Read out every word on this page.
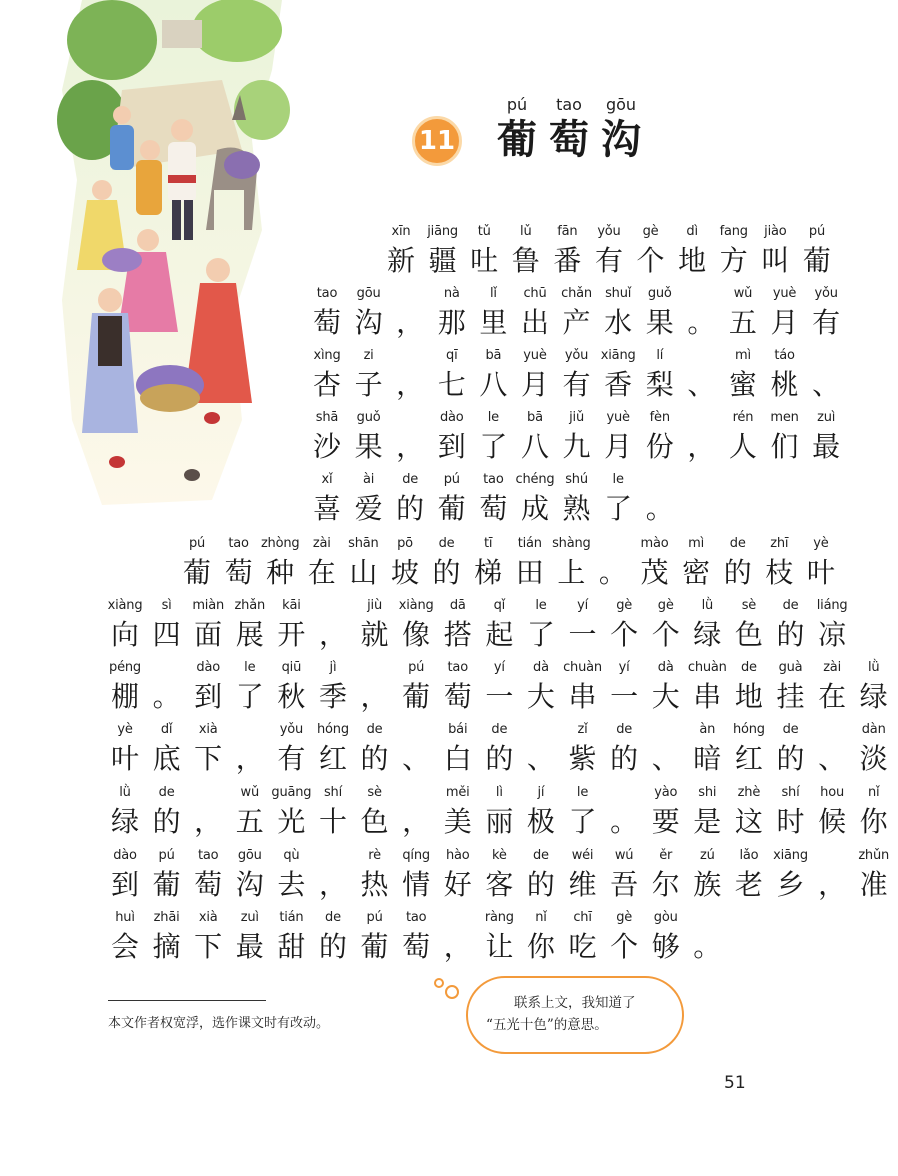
11
pú
葡
tao
萄
gōu
沟
xīn
新
jiāng
疆
tǔ
吐
lǔ
鲁
fān
番
yǒu
有
gè
个
dì
地
fang
方
jiào
叫
pú
葡
tao
萄
gōu
沟 ，
nà
那
lǐ
里
chū
出
chǎn
产
shuǐ
水
guǒ
果 。
wǔ
五
yuè
月
yǒu
有
xìng
杏
zi
子 ，
qī
七
bā
八
yuè
月
yǒu
有
xiāng
香
lí
梨 、
mì
蜜
táo
桃 、
shā
沙
guǒ
果 ，
dào
到
le
了
bā
八
jiǔ
九
yuè
月
fèn
份 ，
rén
人
men
们
zuì
最
xǐ
喜
ài
爱
de
的
pú
葡
tao
萄
chéng
成
shú
熟
le
了 。
pú
葡
tao
萄
zhòng
种
zài
在
shān
山
pō
坡
de
的
tī
梯
tián
田
shàng
上 。
mào
茂
mì
密
de
的
zhī
枝
yè
叶
xiàng
向
sì
四
miàn
面
zhǎn
展
kāi
开 ，
jiù
就
xiàng
像
dā
搭
qǐ
起
le
了
yí
一
gè
个
gè
个
lǜ
绿
sè
色
de
的
liáng
凉
péng
棚 。
dào
到
le
了
qiū
秋
jì
季 ，
pú
葡
tao
萄
yí
一
dà
大
chuàn
串
yí
一
dà
大
chuàn
串
de
地
guà
挂
zài
在
lǜ
绿
yè
叶
dǐ
底
xià
下 ，
yǒu
有
hóng
红
de
的 、
bái
白
de
的 、
zǐ
紫
de
的 、
àn
暗
hóng
红
de
的 、
dàn
淡
lǜ
绿
de
的 ，
wǔ
五
guāng
光
shí
十
sè
色 ，
měi
美
lì
丽
jí
极
le
了 。
yào
要
shi
是
zhè
这
shí
时
hou
候
nǐ
你
dào
到
pú
葡
tao
萄
gōu
沟
qù
去 ，
rè
热
qíng
情
hào
好
kè
客
de
的
wéi
维
wú
吾
ěr
尔
zú
族
lǎo
老
xiāng
乡 ，
zhǔn
准
huì
会
zhāi
摘
xià
下
zuì
最
tián
甜
de
的
pú
葡
tao
萄 ，
ràng
让
nǐ
你
chī
吃
gè
个
gòu
够 。
本文作者权宽浮，选作课文时有改动。

联系上文，我知道了

“五光十色”的意思。

51
